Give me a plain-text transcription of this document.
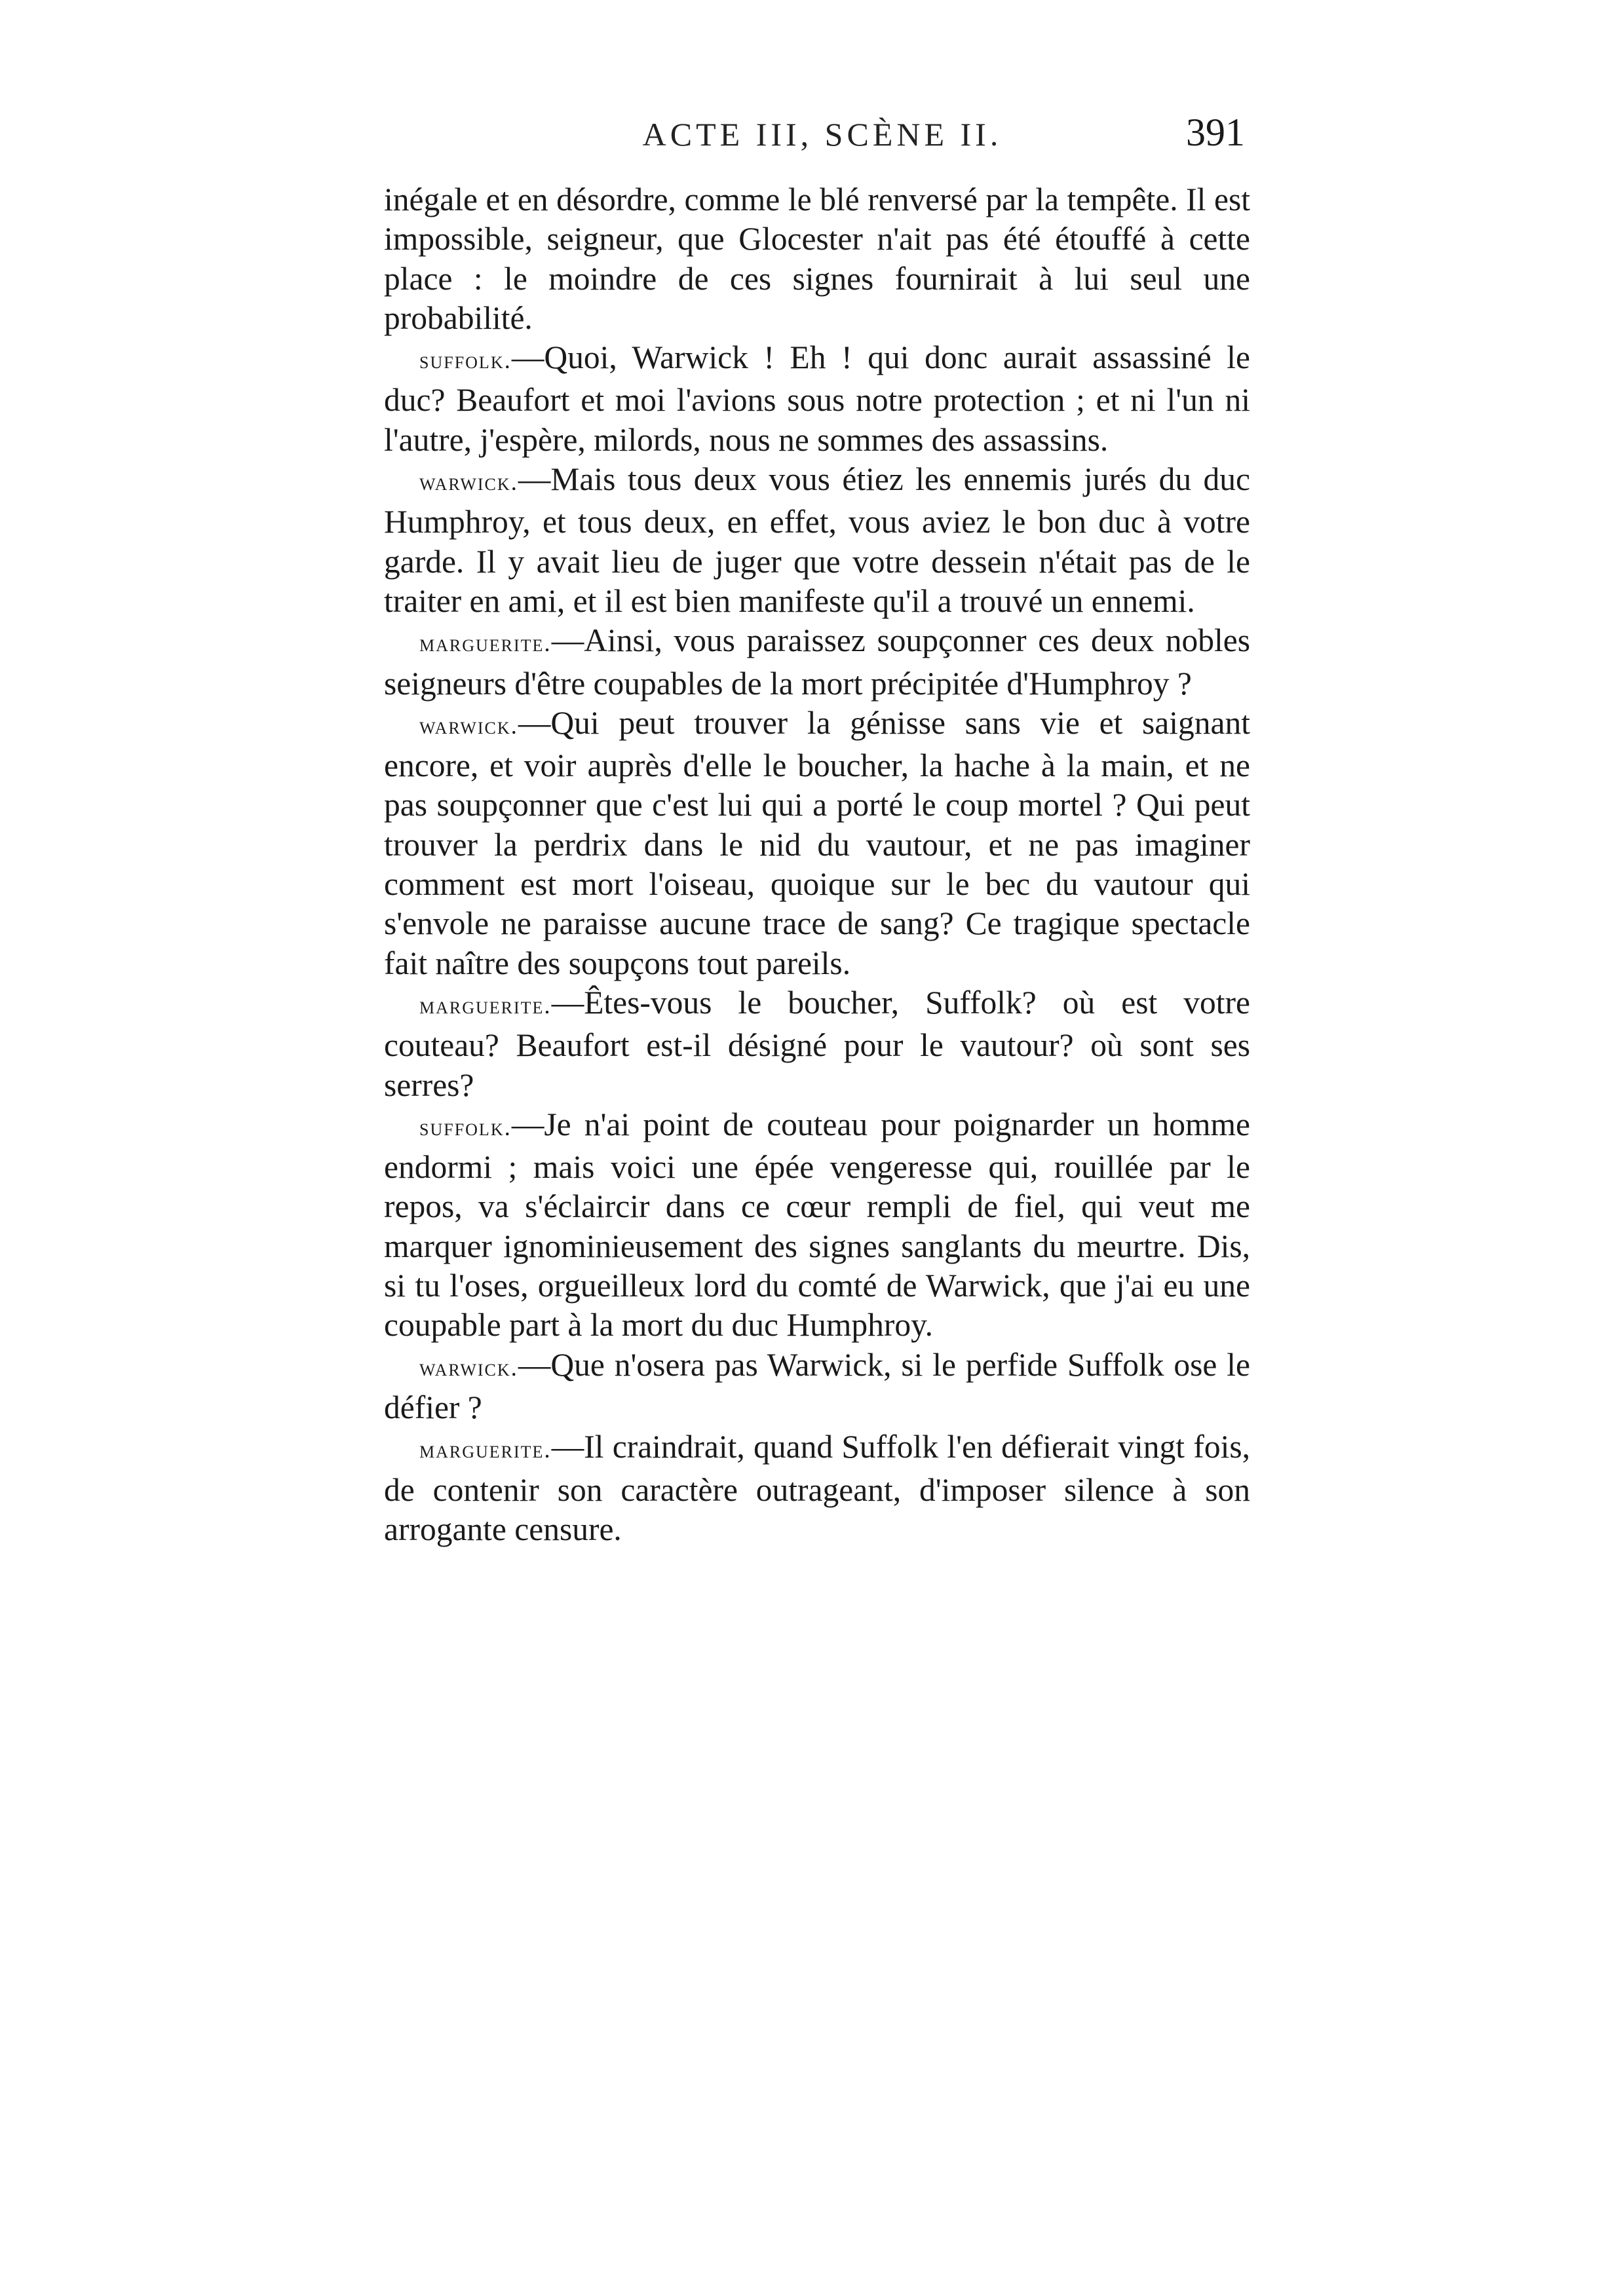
ACTE III, SCÈNE II.	391

inégale et en désordre, comme le blé renversé par la tempête. Il est impossible, seigneur, que Glocester n'ait pas été étouffé à cette place : le moindre de ces signes fournirait à lui seul une probabilité.

suffolk.—Quoi, Warwick ! Eh ! qui donc aurait assassiné le duc? Beaufort et moi l'avions sous notre protection ; et ni l'un ni l'autre, j'espère, milords, nous ne sommes des assassins.

warwick.—Mais tous deux vous étiez les ennemis jurés du duc Humphroy, et tous deux, en effet, vous aviez le bon duc à votre garde. Il y avait lieu de juger que votre dessein n'était pas de le traiter en ami, et il est bien manifeste qu'il a trouvé un ennemi.

marguerite.—Ainsi, vous paraissez soupçonner ces deux nobles seigneurs d'être coupables de la mort précipitée d'Humphroy ?

warwick.—Qui peut trouver la génisse sans vie et saignant encore, et voir auprès d'elle le boucher, la hache à la main, et ne pas soupçonner que c'est lui qui a porté le coup mortel ? Qui peut trouver la perdrix dans le nid du vautour, et ne pas imaginer comment est mort l'oiseau, quoique sur le bec du vautour qui s'envole ne paraisse aucune trace de sang? Ce tragique spectacle fait naître des soupçons tout pareils.

marguerite.—Êtes-vous le boucher, Suffolk? où est votre couteau? Beaufort est-il désigné pour le vautour? où sont ses serres?

suffolk.—Je n'ai point de couteau pour poignarder un homme endormi ; mais voici une épée vengeresse qui, rouillée par le repos, va s'éclaircir dans ce cœur rempli de fiel, qui veut me marquer ignominieusement des signes sanglants du meurtre. Dis, si tu l'oses, orgueilleux lord du comté de Warwick, que j'ai eu une coupable part à la mort du duc Humphroy.

warwick.—Que n'osera pas Warwick, si le perfide Suffolk ose le défier ?

marguerite.—Il craindrait, quand Suffolk l'en défierait vingt fois, de contenir son caractère outrageant, d'imposer silence à son arrogante censure.
